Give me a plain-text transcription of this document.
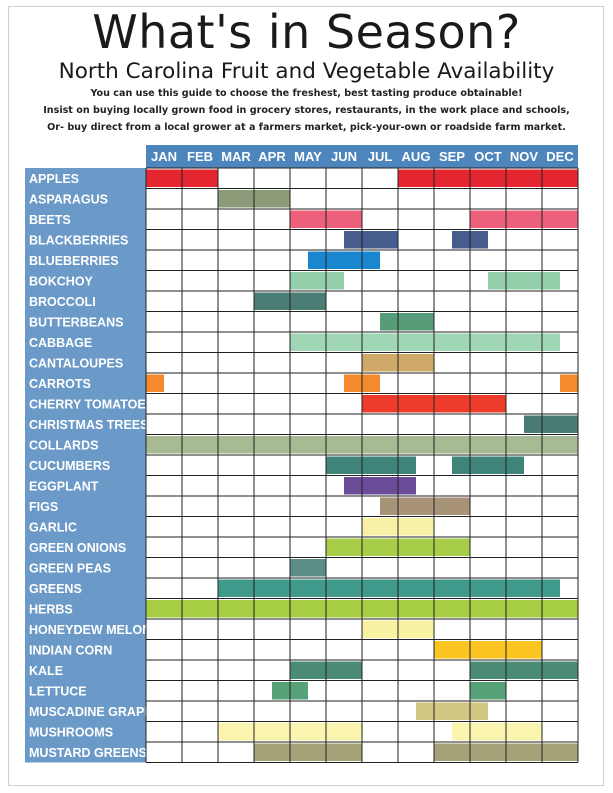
What's in Season?
North Carolina Fruit and Vegetable Availability
You can use this guide to choose the freshest, best tasting produce obtainable!
Insist on buying locally grown food in grocery stores, restaurants, in the work place and schools,
Or- buy direct from a local grower at a farmers market, pick-your-own or roadside farm market.
JAN FEB MAR APR MAY JUN JUL AUG SEP OCT NOV DEC
APPLES
ASPARAGUS
BEETS
BLACKBERRIES
BLUEBERRIES
BOKCHOY
BROCCOLI
BUTTERBEANS
CABBAGE
CANTALOUPES
CARROTS
CHERRY TOMATOES
CHRISTMAS TREES
COLLARDS
CUCUMBERS
EGGPLANT
FIGS
GARLIC
GREEN ONIONS
GREEN PEAS
GREENS
HERBS
HONEYDEW MELONS
INDIAN CORN
KALE
LETTUCE
MUSCADINE GRAPES
MUSHROOMS
MUSTARD GREENS
